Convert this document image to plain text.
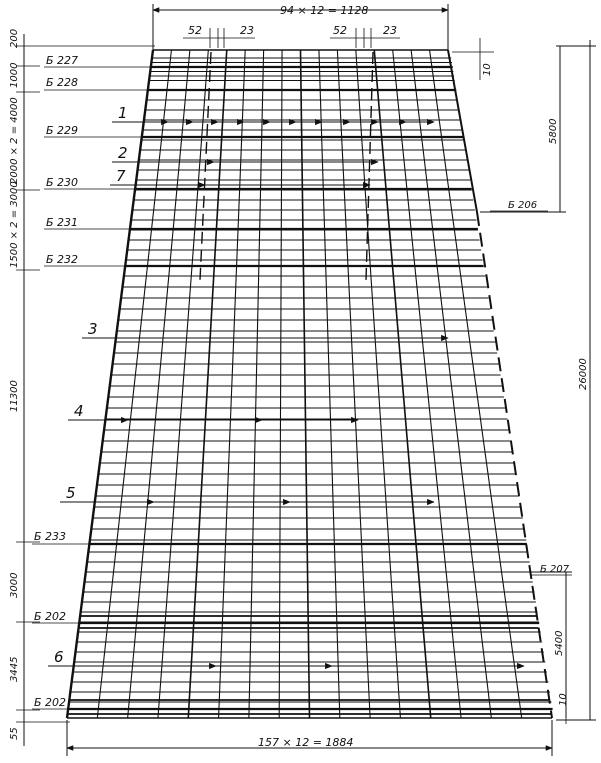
94 × 12 = 1128
52	23	52	23
157 × 12 = 1884
200
1000
2000 × 2 = 4000
1500 × 2 = 3000
11300
3000
3445
55
26000
5800
5400
10
10
Б 227
Б 228
Б 229
Б 230
Б 231
Б 232
Б 233
Б 202
Б 202
Б 206
Б 207
1
2
7
3
4
5
6
